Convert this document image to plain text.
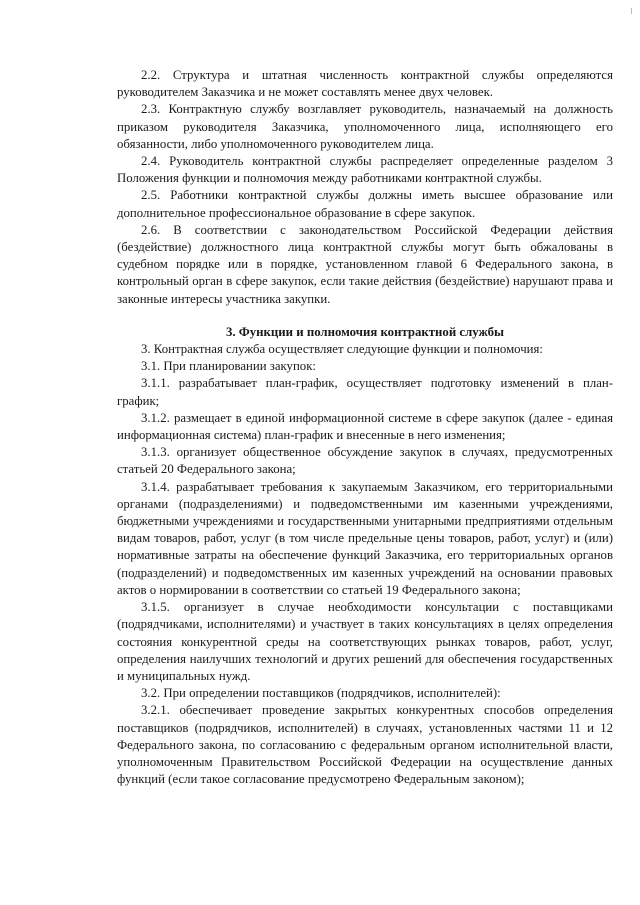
2.2. Структура и штатная численность контрактной службы определяются руководителем Заказчика и не может составлять менее двух человек.

2.3. Контрактную службу возглавляет руководитель, назначаемый на должность приказом руководителя Заказчика, уполномоченного лица, исполняющего его обязанности, либо уполномоченного руководителем лица.

2.4. Руководитель контрактной службы распределяет определенные разделом 3 Положения функции и полномочия между работниками контрактной службы.

2.5. Работники контрактной службы должны иметь высшее образование или дополнительное профессиональное образование в сфере закупок.

2.6. В соответствии с законодательством Российской Федерации действия (бездействие) должностного лица контрактной службы могут быть обжалованы в судебном порядке или в порядке, установленном главой 6 Федерального закона, в контрольный орган в сфере закупок, если такие действия (бездействие) нарушают права и законные интересы участника закупки.

3. Функции и полномочия контрактной службы

3. Контрактная служба осуществляет следующие функции и полномочия:

3.1. При планировании закупок:

3.1.1. разрабатывает план-график, осуществляет подготовку изменений в план-график;

3.1.2. размещает в единой информационной системе в сфере закупок (далее - единая информационная система) план-график и внесенные в него изменения;

3.1.3. организует общественное обсуждение закупок в случаях, предусмотренных статьей 20 Федерального закона;

3.1.4. разрабатывает требования к закупаемым Заказчиком, его территориальными органами (подразделениями) и подведомственными им казенными учреждениями, бюджетными учреждениями и государственными унитарными предприятиями отдельным видам товаров, работ, услуг (в том числе предельные цены товаров, работ, услуг) и (или) нормативные затраты на обеспечение функций Заказчика, его территориальных органов (подразделений) и подведомственных им казенных учреждений на основании правовых актов о нормировании в соответствии со статьей 19 Федерального закона;

3.1.5. организует в случае необходимости консультации с поставщиками (подрядчиками, исполнителями) и участвует в таких консультациях в целях определения состояния конкурентной среды на соответствующих рынках товаров, работ, услуг, определения наилучших технологий и других решений для обеспечения государственных и муниципальных нужд.

3.2. При определении поставщиков (подрядчиков, исполнителей):

3.2.1. обеспечивает проведение закрытых конкурентных способов определения поставщиков (подрядчиков, исполнителей) в случаях, установленных частями 11 и 12 Федерального закона, по согласованию с федеральным органом исполнительной власти, уполномоченным Правительством Российской Федерации на осуществление данных функций (если такое согласование предусмотрено Федеральным законом);
